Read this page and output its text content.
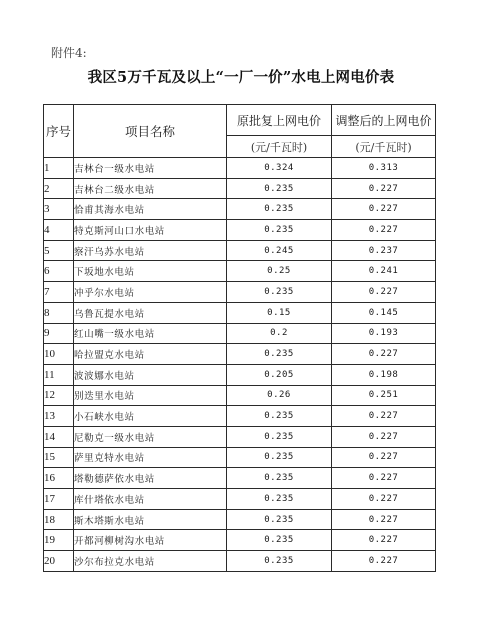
附件4:
我区5万千瓦及以上“一厂一价”水电上网电价表
序号	项目名称	原批复上网电价	调整后的上网电价
		(元/千瓦时)	(元/千瓦时)
1	吉林台一级水电站	0.324	0.313
2	吉林台二级水电站	0.235	0.227
3	恰甫其海水电站	0.235	0.227
4	特克斯河山口水电站	0.235	0.227
5	察汗乌苏水电站	0.245	0.237
6	下坂地水电站	0.25	0.241
7	冲乎尔水电站	0.235	0.227
8	乌鲁瓦提水电站	0.15	0.145
9	红山嘴一级水电站	0.2	0.193
10	哈拉盟克水电站	0.235	0.227
11	波波娜水电站	0.205	0.198
12	别迭里水电站	0.26	0.251
13	小石峡水电站	0.235	0.227
14	尼勒克一级水电站	0.235	0.227
15	萨里克特水电站	0.235	0.227
16	塔勒德萨依水电站	0.235	0.227
17	库什塔依水电站	0.235	0.227
18	斯木塔斯水电站	0.235	0.227
19	开都河柳树沟水电站	0.235	0.227
20	沙尔布拉克水电站	0.235	0.227
